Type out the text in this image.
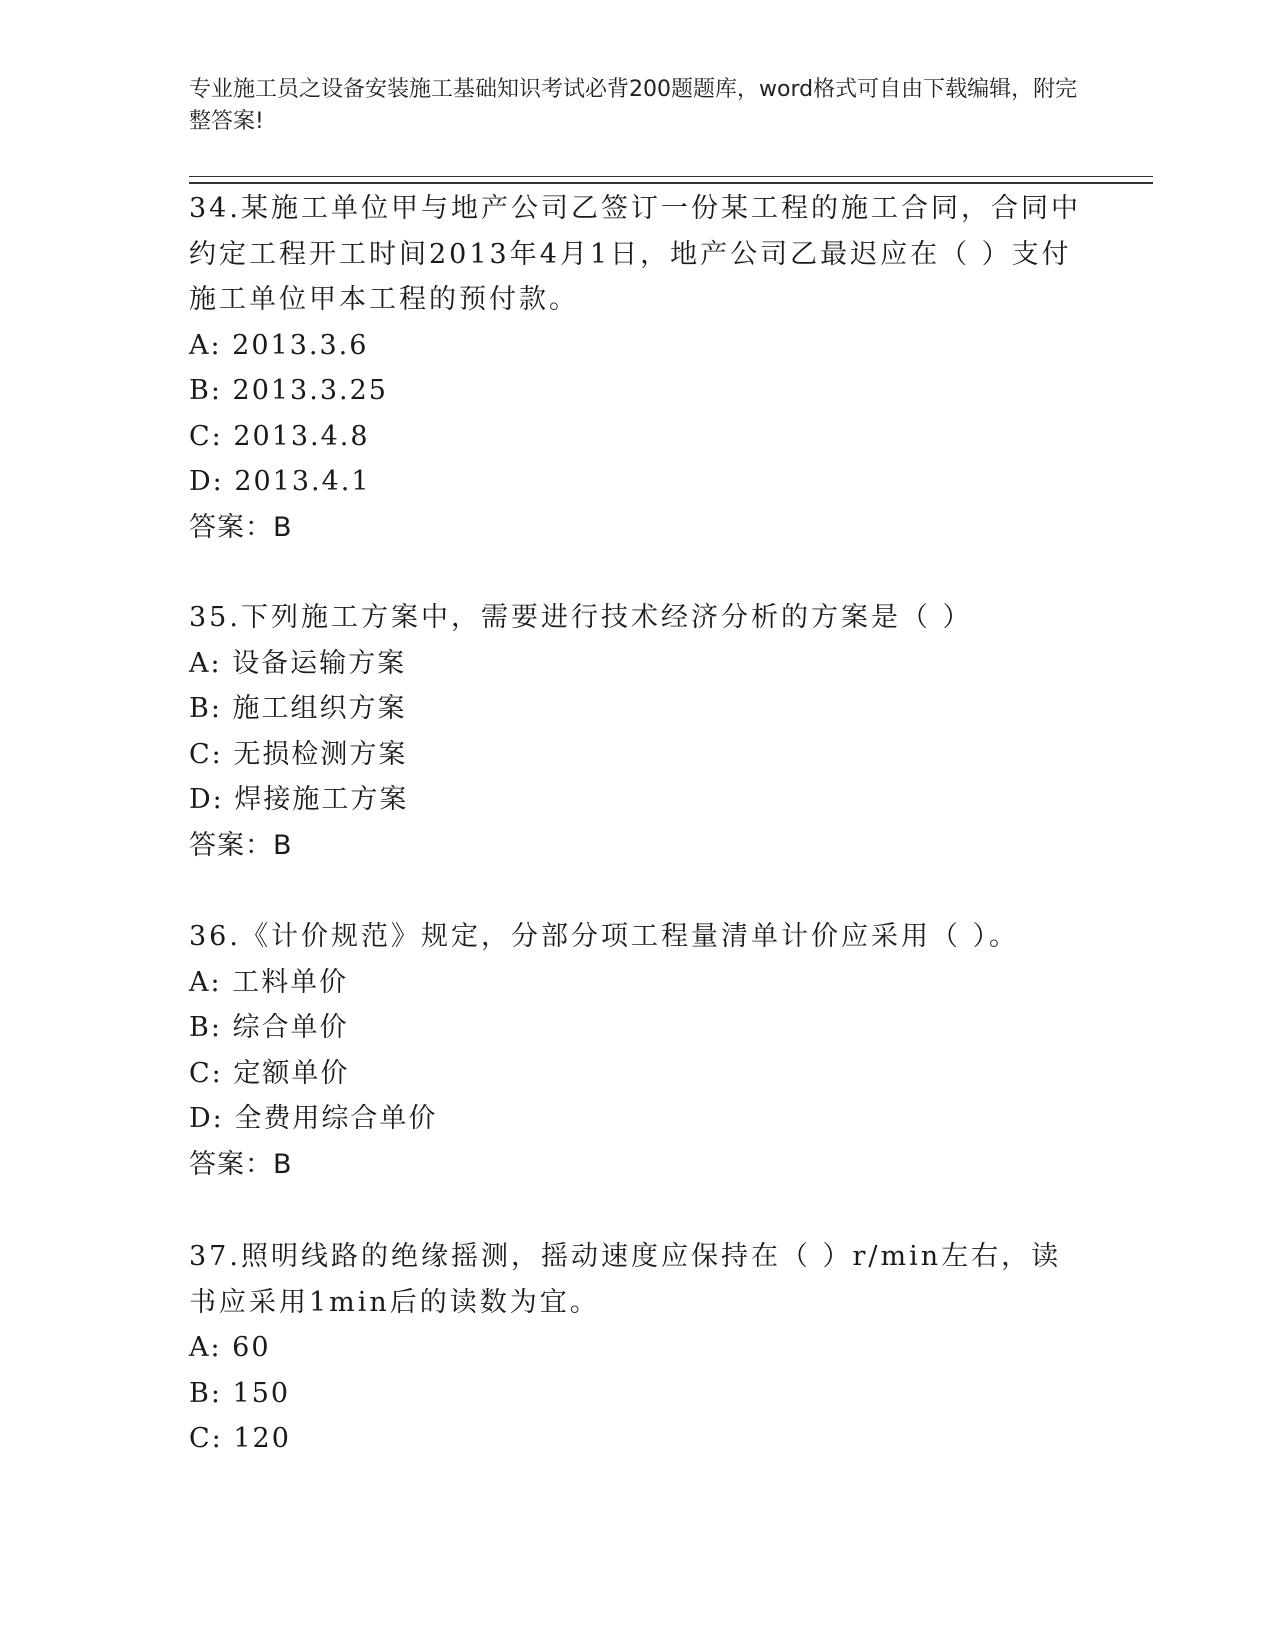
专业施工员之设备安装施工基础知识考试必背200题题库，word格式可自由下载编辑，附完整答案!
34.某施工单位甲与地产公司乙签订一份某工程的施工合同，合同中约定工程开工时间2013年4月1日，地产公司乙最迟应在（ ）支付施工单位甲本工程的预付款。
A: 2013.3.6
B: 2013.3.25
C: 2013.4.8
D: 2013.4.1
答案：B
35.下列施工方案中，需要进行技术经济分析的方案是（ ）
A: 设备运输方案
B: 施工组织方案
C: 无损检测方案
D: 焊接施工方案
答案：B
36.《计价规范》规定，分部分项工程量清单计价应采用（ ）。
A: 工料单价
B: 综合单价
C: 定额单价
D: 全费用综合单价
答案：B
37.照明线路的绝缘摇测，摇动速度应保持在（ ）r/min左右，读书应采用1min后的读数为宜。
A: 60
B: 150
C: 120
